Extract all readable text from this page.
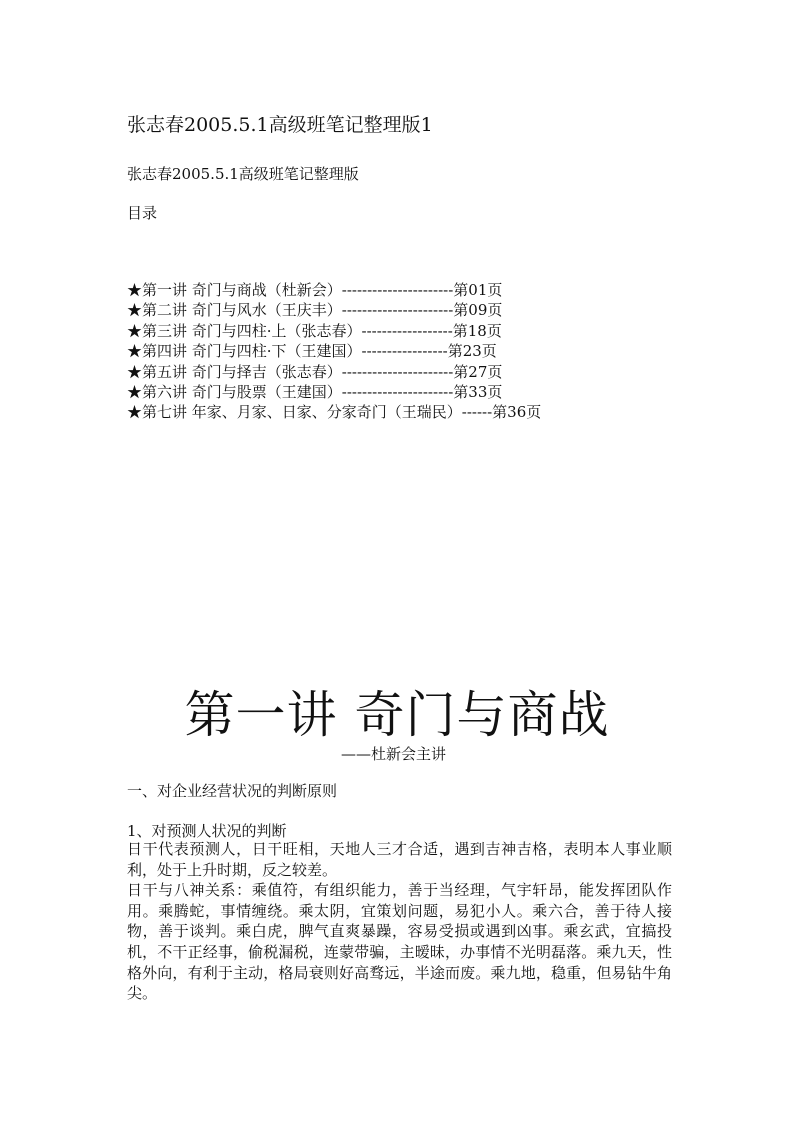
张志春2005.5.1高级班笔记整理版1
张志春2005.5.1高级班笔记整理版
目录
★第一讲 奇门与商战（杜新会）----------------------第01页
★第二讲 奇门与风水（王庆丰）----------------------第09页
★第三讲 奇门与四柱·上（张志春）------------------第18页
★第四讲 奇门与四柱·下（王建国）-----------------第23页
★第五讲 奇门与择吉（张志春）----------------------第27页
★第六讲 奇门与股票（王建国）----------------------第33页
★第七讲 年家、月家、日家、分家奇门（王瑞民）------第36页
第一讲 奇门与商战
——杜新会主讲
一、对企业经营状况的判断原则
1、对预测人状况的判断

日干代表预测人，日干旺相，天地人三才合适，遇到吉神吉格，表明本人事业顺利，处于上升时期，反之较差。

日干与八神关系：乘值符，有组织能力，善于当经理，气宇轩昂，能发挥团队作用。乘腾蛇，事情缠绕。乘太阴，宜策划问题，易犯小人。乘六合，善于待人接物，善于谈判。乘白虎，脾气直爽暴躁，容易受损或遇到凶事。乘玄武，宜搞投机，不干正经事，偷税漏税，连蒙带骗，主暧昧，办事情不光明磊落。乘九天，性格外向，有利于主动，格局衰则好高骛远，半途而废。乘九地，稳重，但易钻牛角尖。
